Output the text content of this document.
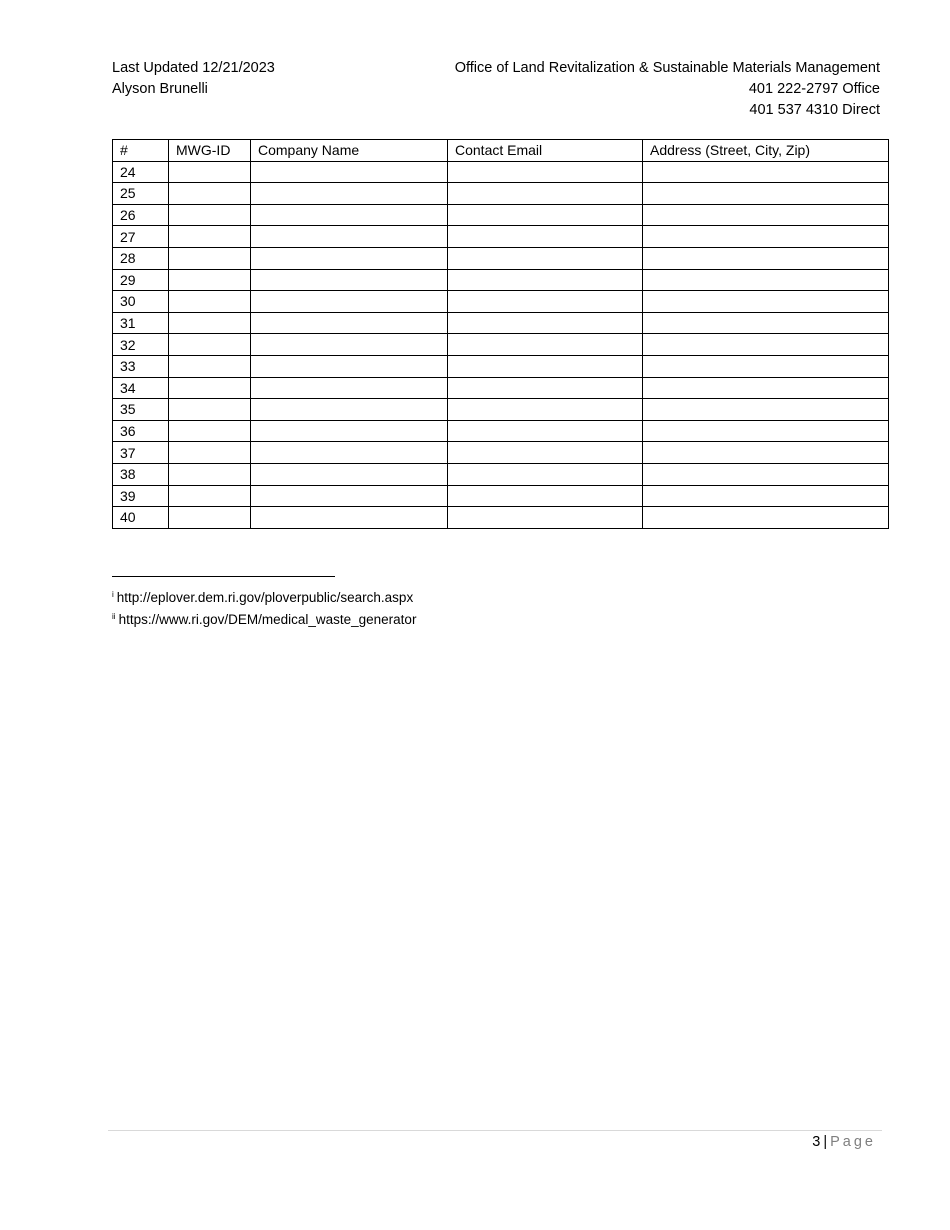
Last Updated 12/21/2023
Alyson Brunelli
Office of Land Revitalization & Sustainable Materials Management
401 222-2797 Office
401 537 4310 Direct
#	MWG-ID	Company Name	Contact Email	Address (Street, City, Zip)
24				
25				
26				
27				
28				
29				
30				
31				
32				
33				
34				
35				
36				
37				
38				
39				
40				
$^i$ http://eplover.dem.ri.gov/ploverpublic/search.aspx
$^{ii}$ https://www.ri.gov/DEM/medical_waste_generator
3 | Page
